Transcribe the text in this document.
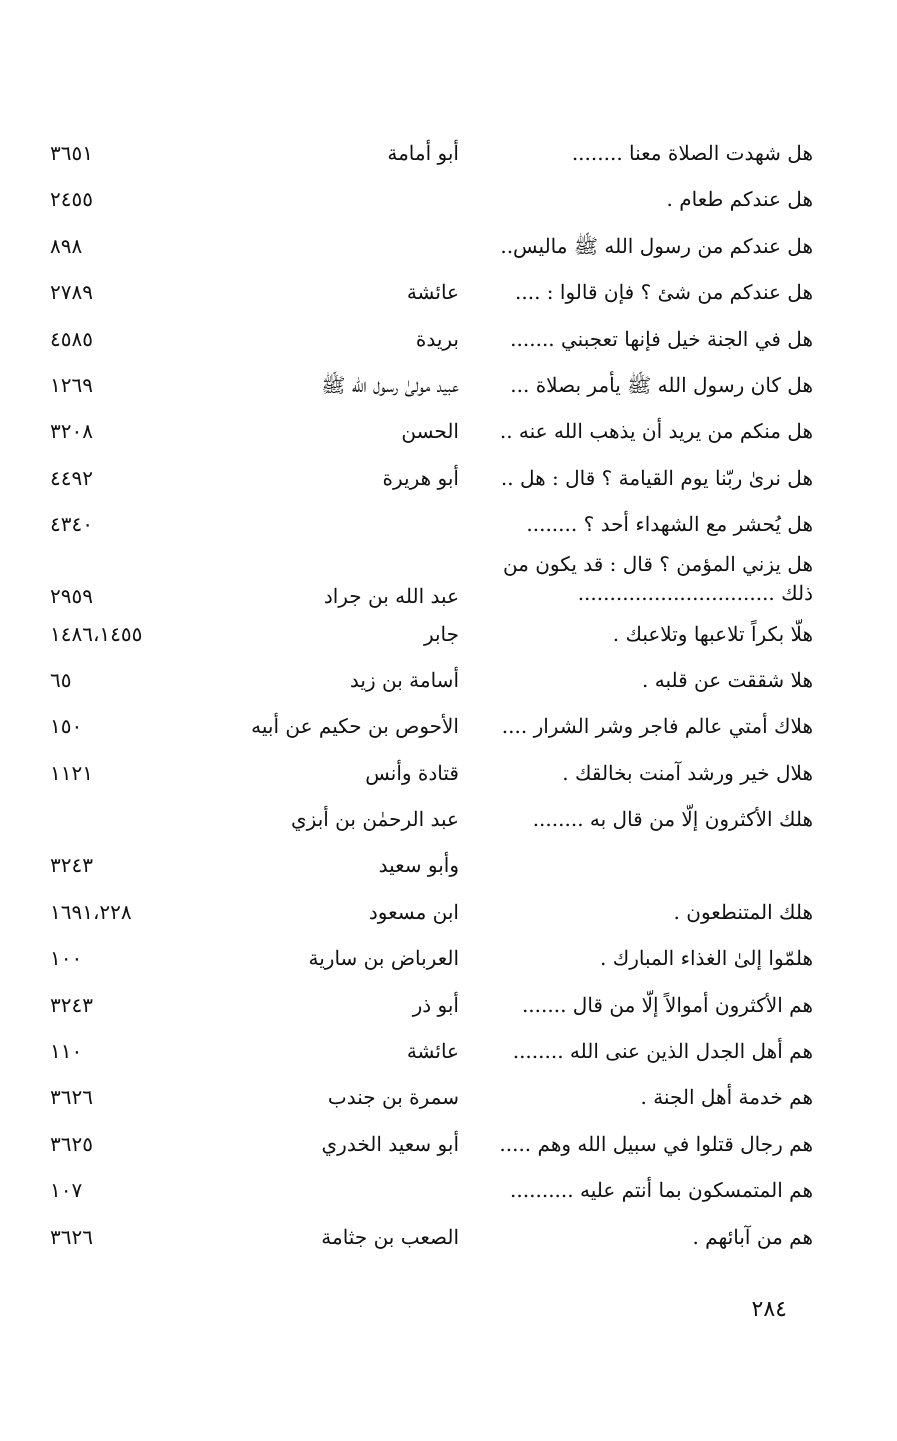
هل شهدت الصلاة معنا ........
أبو أمامة
٣٦٥١
هل عندكم طعام .
٢٤٥٥
هل عندكم من رسول الله ﷺ ماليس..
٨٩٨
هل عندكم من شئ ؟ فإن قالوا : ....
عائشة
٢٧٨٩
هل في الجنة خيل فإنها تعجبني .......
بريدة
٤٥٨٥
هل كان رسول الله ﷺ يأمر بصلاة ...
عبيد مولىٰ رسول الله ﷺ
١٢٦٩
هل منكم من يريد أن يذهب الله عنه ..
الحسن
٣٢٠٨
هل نرىٰ ربّنا يوم القيامة ؟ قال : هل ..
أبو هريرة
٤٤٩٢
هل يُحشر مع الشهداء أحد ؟ ........
٤٣٤٠
هل يزني المؤمن ؟ قال : قد يكون من ذلك ...............................
عبد الله بن جراد
٢٩٥٩
هلّا بكراً تلاعبها وتلاعبك .
جابر
١٤٨٦،١٤٥٥
هلا شققت عن قلبه .
أسامة بن زيد
٦٥
هلاك أمتي عالم فاجر وشر الشرار ....
الأحوص بن حكيم عن أبيه
١٥٠
هلال خير ورشد آمنت بخالقك .
قتادة وأنس
١١٢١
هلك الأكثرون إلّا من قال به ........
عبد الرحمٰن بن أبزي
وأبو سعيد
٣٢٤٣
هلك المتنطعون .
ابن مسعود
١٦٩١،٢٢٨
هلمّوا إلىٰ الغذاء المبارك .
العرباض بن سارية
١٠٠
هم الأكثرون أموالاً إلّا من قال .......
أبو ذر
٣٢٤٣
هم أهل الجدل الذين عنى الله ........
عائشة
١١٠
هم خدمة أهل الجنة .
سمرة بن جندب
٣٦٢٦
هم رجال قتلوا في سبيل الله وهم .....
أبو سعيد الخدري
٣٦٢٥
هم المتمسكون بما أنتم عليه ..........
١٠٧
هم من آبائهم .
الصعب بن جثامة
٣٦٢٦
٢٨٤
